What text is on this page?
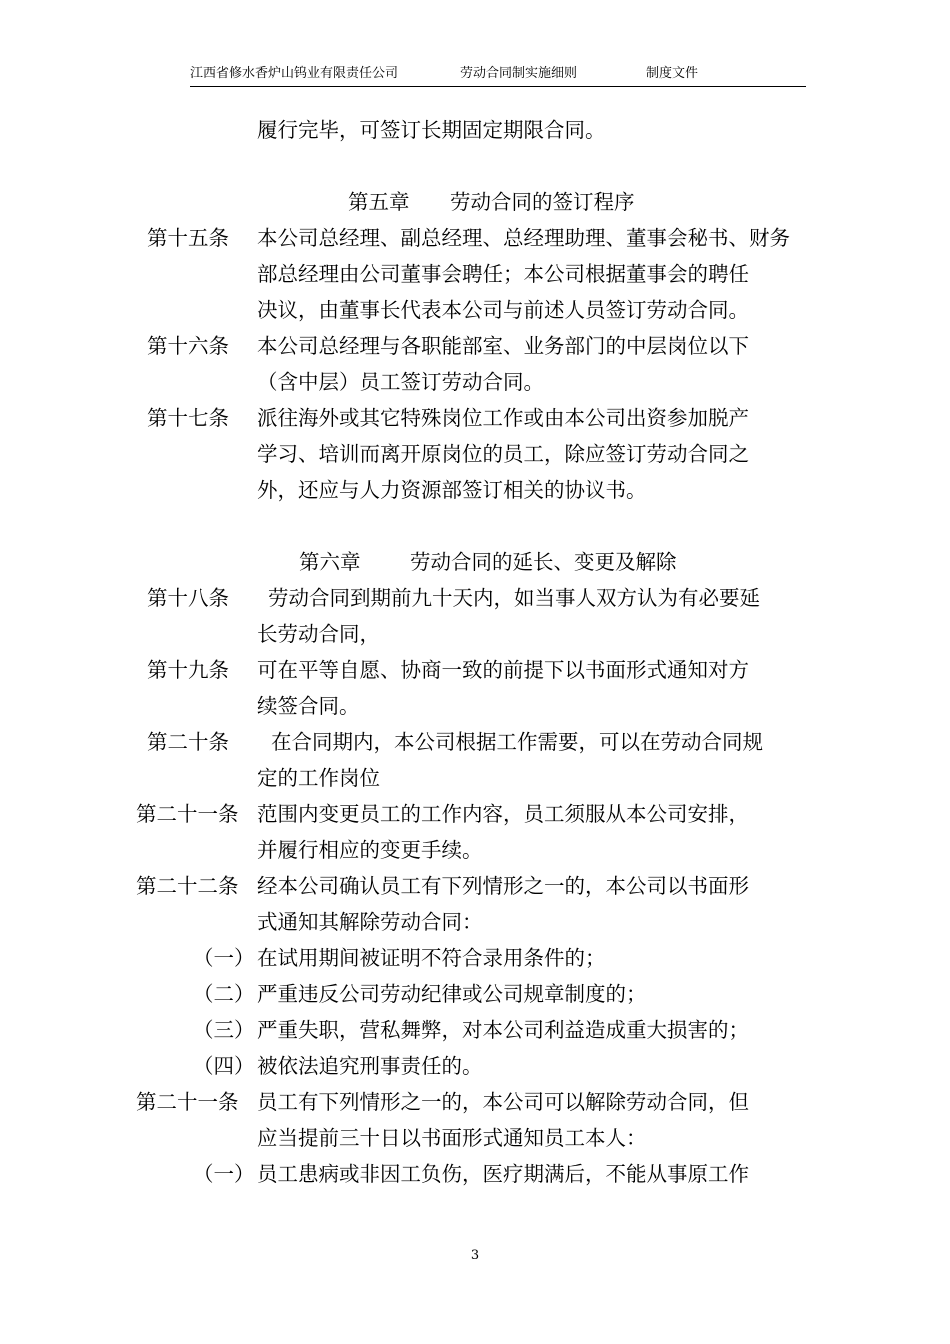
江西省修水香炉山钨业有限责任公司	劳动合同制实施细则	制度文件
履行完毕，可签订长期固定期限合同。
第五章 劳动合同的签订程序
第十五条 本公司总经理、副总经理、总经理助理、董事会秘书、财务
部总经理由公司董事会聘任；本公司根据董事会的聘任
决议，由董事长代表本公司与前述人员签订劳动合同。
第十六条 本公司总经理与各职能部室、业务部门的中层岗位以下
（含中层）员工签订劳动合同。
第十七条 派往海外或其它特殊岗位工作或由本公司出资参加脱产
学习、培训而离开原岗位的员工，除应签订劳动合同之
外，还应与人力资源部签订相关的协议书。
第六章 劳动合同的延长、变更及解除
第十八条 劳动合同到期前九十天内，如当事人双方认为有必要延
长劳动合同，
第十九条 可在平等自愿、协商一致的前提下以书面形式通知对方
续签合同。
第二十条 在合同期内，本公司根据工作需要，可以在劳动合同规
定的工作岗位
第二十一条 范围内变更员工的工作内容，员工须服从本公司安排，
并履行相应的变更手续。
第二十二条 经本公司确认员工有下列情形之一的，本公司以书面形
式通知其解除劳动合同：
（一） 在试用期间被证明不符合录用条件的；
（二） 严重违反公司劳动纪律或公司规章制度的；
（三） 严重失职，营私舞弊，对本公司利益造成重大损害的；
（四） 被依法追究刑事责任的。
第二十一条 员工有下列情形之一的，本公司可以解除劳动合同，但
应当提前三十日以书面形式通知员工本人：
（一） 员工患病或非因工负伤，医疗期满后，不能从事原工作
3
